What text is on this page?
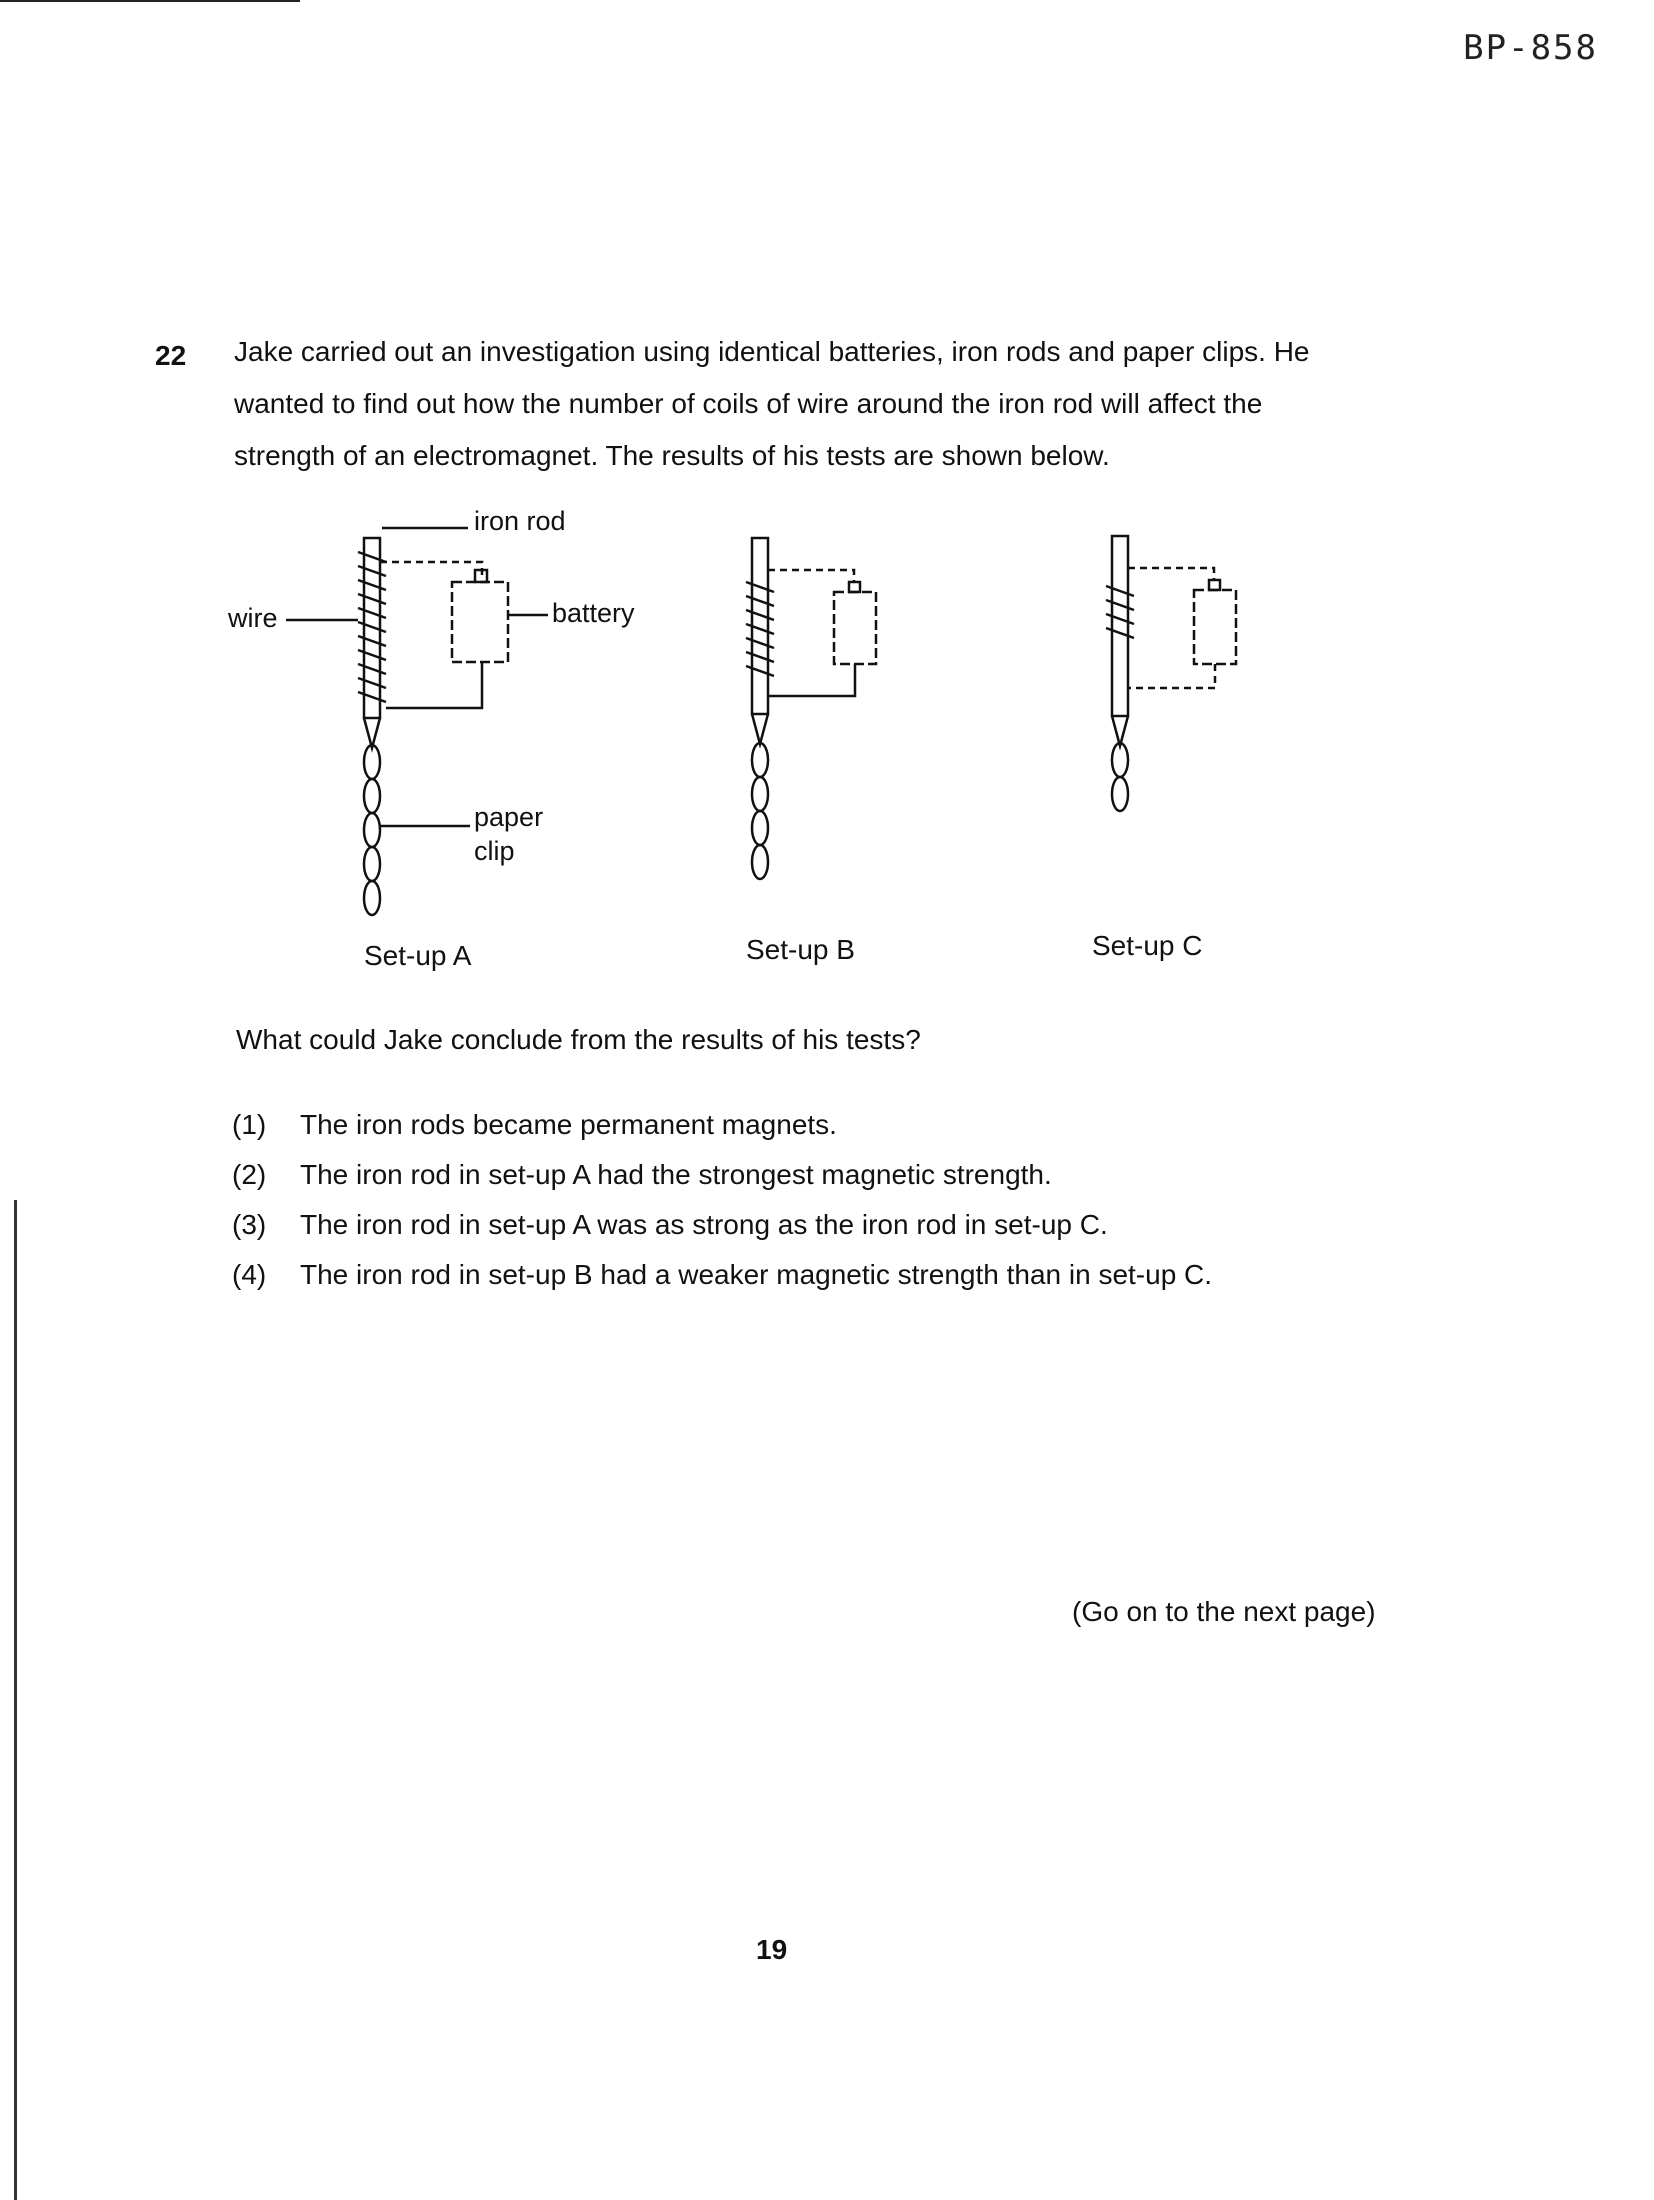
BP-858
22 Jake carried out an investigation using identical batteries, iron rods and paper clips. He

wanted to find out how the number of coils of wire around the iron rod will affect the

strength of an electromagnet. The results of his tests are shown below.

iron rod
battery
wire
paper
clip
Set-up A	Set-up B	Set-up C
What could Jake conclude from the results of his tests?
(1)	The iron rods became permanent magnets.
(2)	The iron rod in set-up A had the strongest magnetic strength.
(3)	The iron rod in set-up A was as strong as the iron rod in set-up C.
(4)	The iron rod in set-up B had a weaker magnetic strength than in set-up C.
(Go on to the next page)
19
